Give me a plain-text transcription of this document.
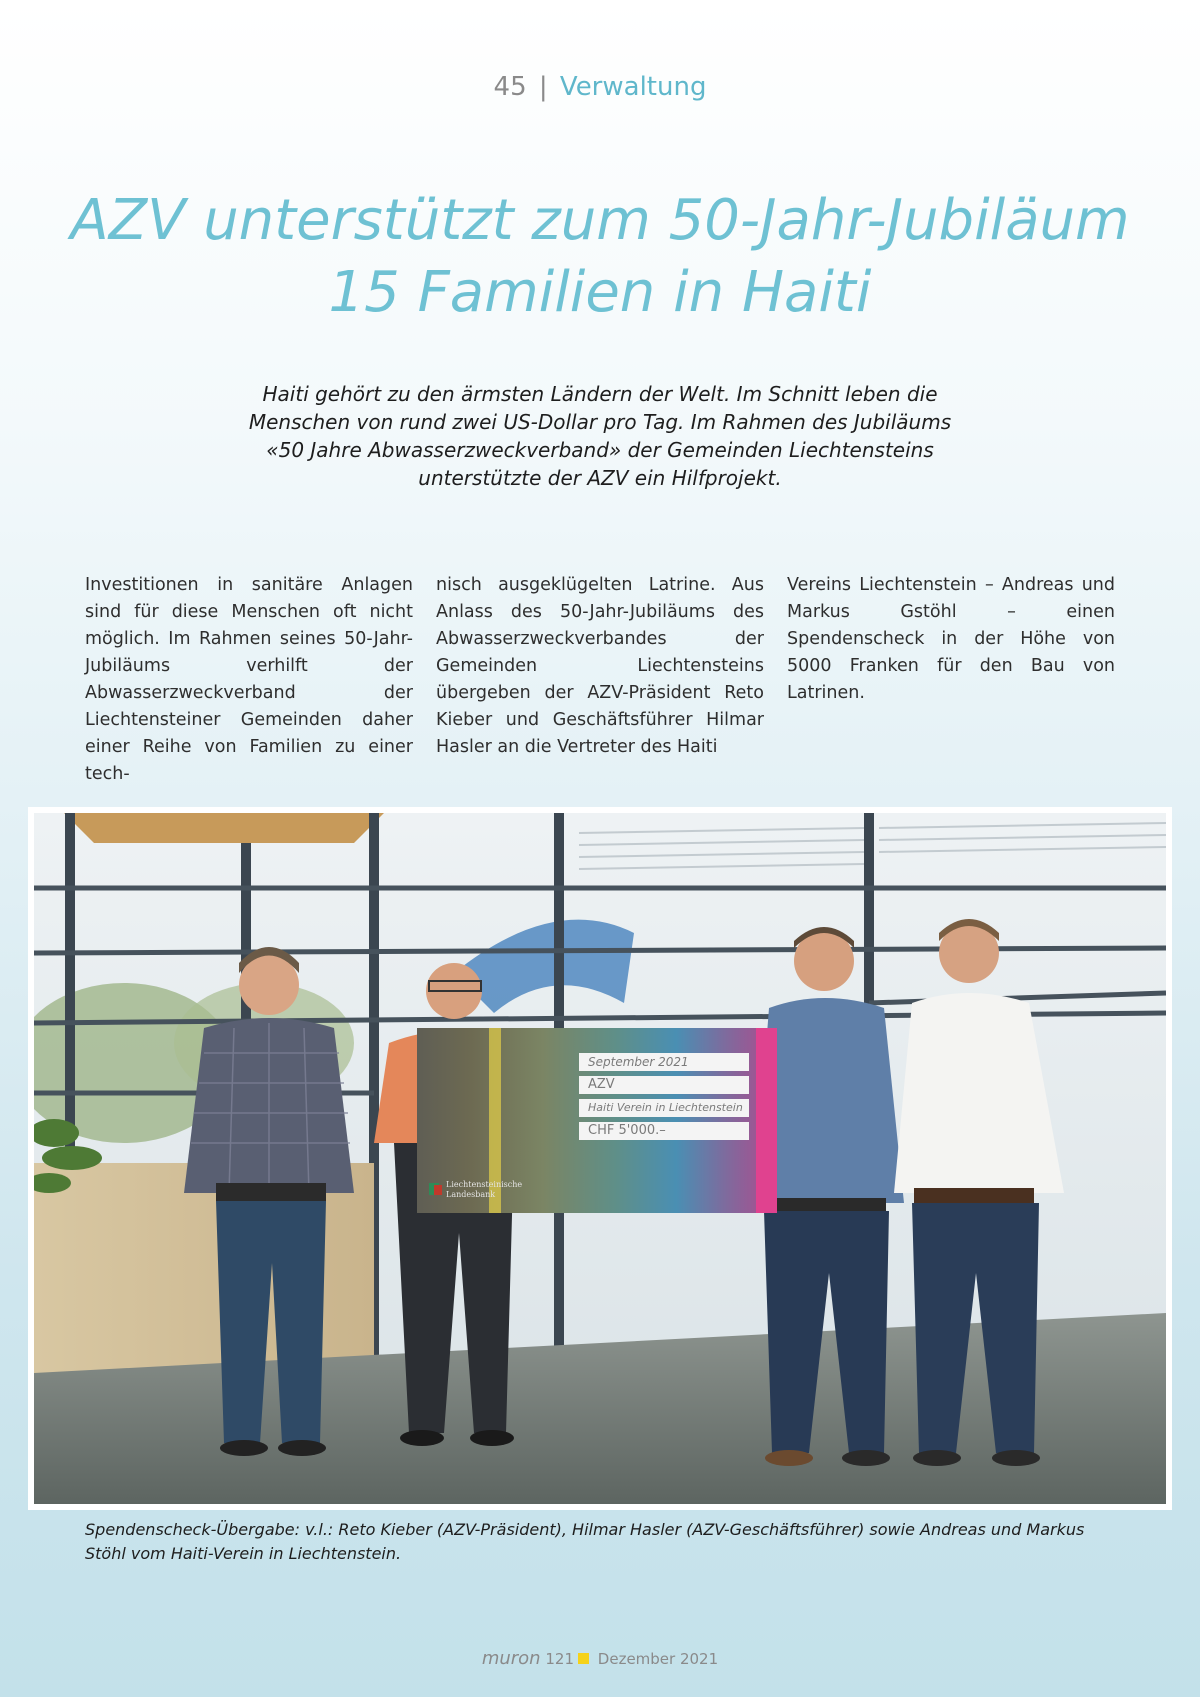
45 | Verwaltung
AZV unterstützt zum 50-Jahr-Jubiläum
15 Familien in Haiti

Haiti gehört zu den ärmsten Ländern der Welt. Im Schnitt leben die Menschen von rund zwei US-Dollar pro Tag. Im Rahmen des Jubiläums «50 Jahre Abwasserzweckverband» der Gemeinden Liechtensteins unterstützte der AZV ein Hilfprojekt.

Investitionen in sanitäre Anlagen sind für diese Menschen oft nicht möglich. Im Rahmen seines 50-Jahr-Jubiläums verhilft der Abwasserzweckverband der Liechtensteiner Gemeinden daher einer Reihe von Familien zu einer tech-

nisch ausgeklügelten Latrine. Aus Anlass des 50-Jahr-Jubiläums des Abwasserzweckverbandes der Gemeinden Liechtensteins übergeben der AZV-Präsident Reto Kieber und Geschäftsführer Hilmar Hasler an die Vertreter des Haiti

Vereins Liechtenstein – Andreas und Markus Gstöhl – einen Spendenscheck in der Höhe von 5000 Franken für den Bau von Latrinen.

September 2021
AZV
Haiti Verein in Liechtenstein
CHF 5'000.–
Liechtensteinische Landesbank

Spendenscheck-Übergabe: v.l.: Reto Kieber (AZV-Präsident), Hilmar Hasler (AZV-Geschäftsführer) sowie Andreas und Markus Stöhl vom Haiti-Verein in Liechtenstein.

muron 121 Dezember 2021
